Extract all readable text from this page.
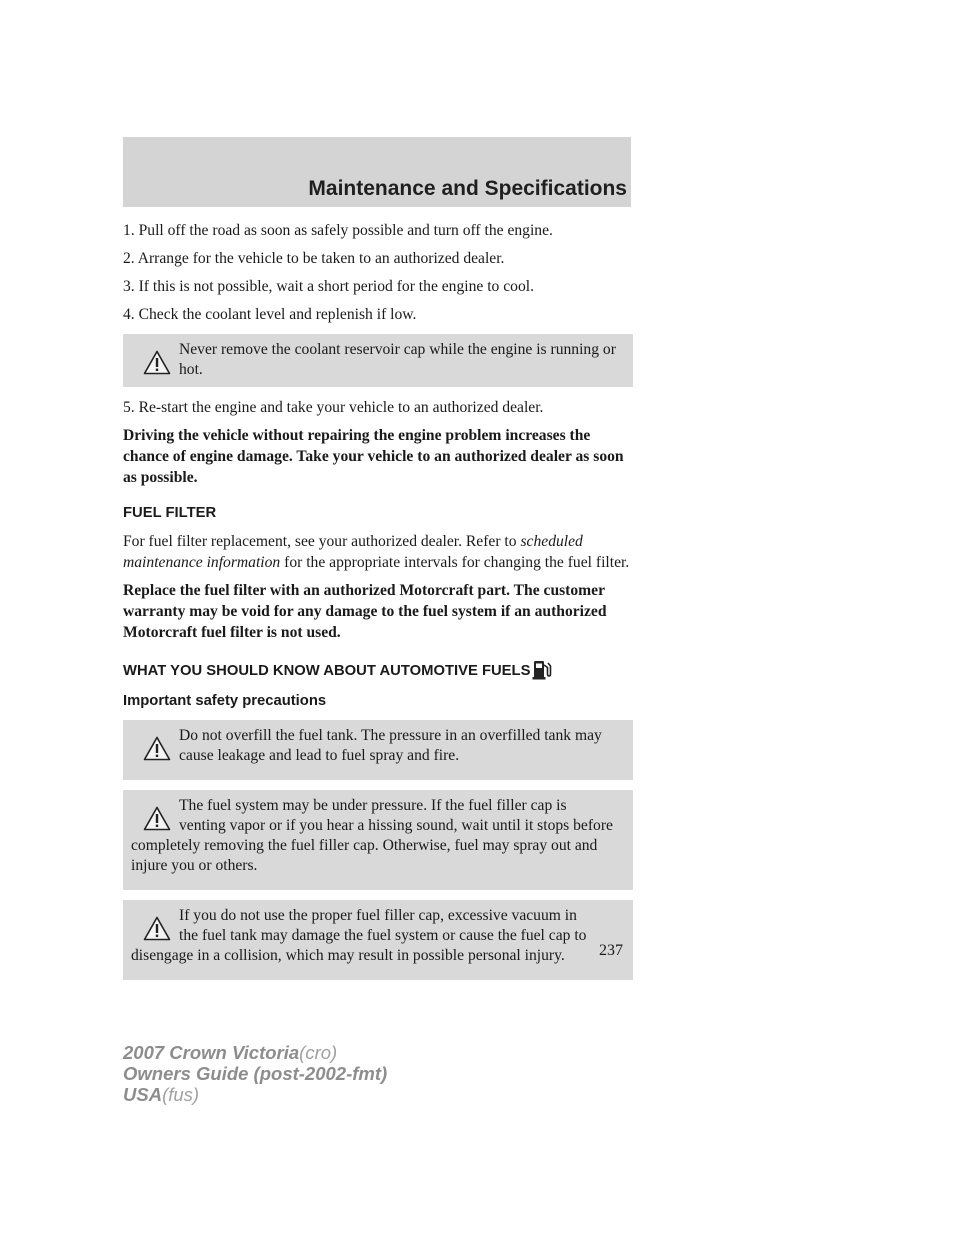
Maintenance and Specifications

1. Pull off the road as soon as safely possible and turn off the engine.

2. Arrange for the vehicle to be taken to an authorized dealer.

3. If this is not possible, wait a short period for the engine to cool.

4. Check the coolant level and replenish if low.

Never remove the coolant reservoir cap while the engine is running or hot.

5. Re-start the engine and take your vehicle to an authorized dealer.

Driving the vehicle without repairing the engine problem increases the chance of engine damage. Take your vehicle to an authorized dealer as soon as possible.

FUEL FILTER

For fuel filter replacement, see your authorized dealer. Refer to scheduled maintenance information for the appropriate intervals for changing the fuel filter.

Replace the fuel filter with an authorized Motorcraft part. The customer warranty may be void for any damage to the fuel system if an authorized Motorcraft fuel filter is not used.

WHAT YOU SHOULD KNOW ABOUT AUTOMOTIVE FUELS
Important safety precautions
Do not overfill the fuel tank. The pressure in an overfilled tank may cause leakage and lead to fuel spray and fire.
The fuel system may be under pressure. If the fuel filler cap is
venting vapor or if you hear a hissing sound, wait until it stops before completely removing the fuel filler cap. Otherwise, fuel may spray out and injure you or others.
If you do not use the proper fuel filler cap, excessive vacuum in
the fuel tank may damage the fuel system or cause the fuel cap to disengage in a collision, which may result in possible personal injury.	237
2007 Crown Victoria(cro)
Owners Guide (post-2002-fmt)
USA(fus)
